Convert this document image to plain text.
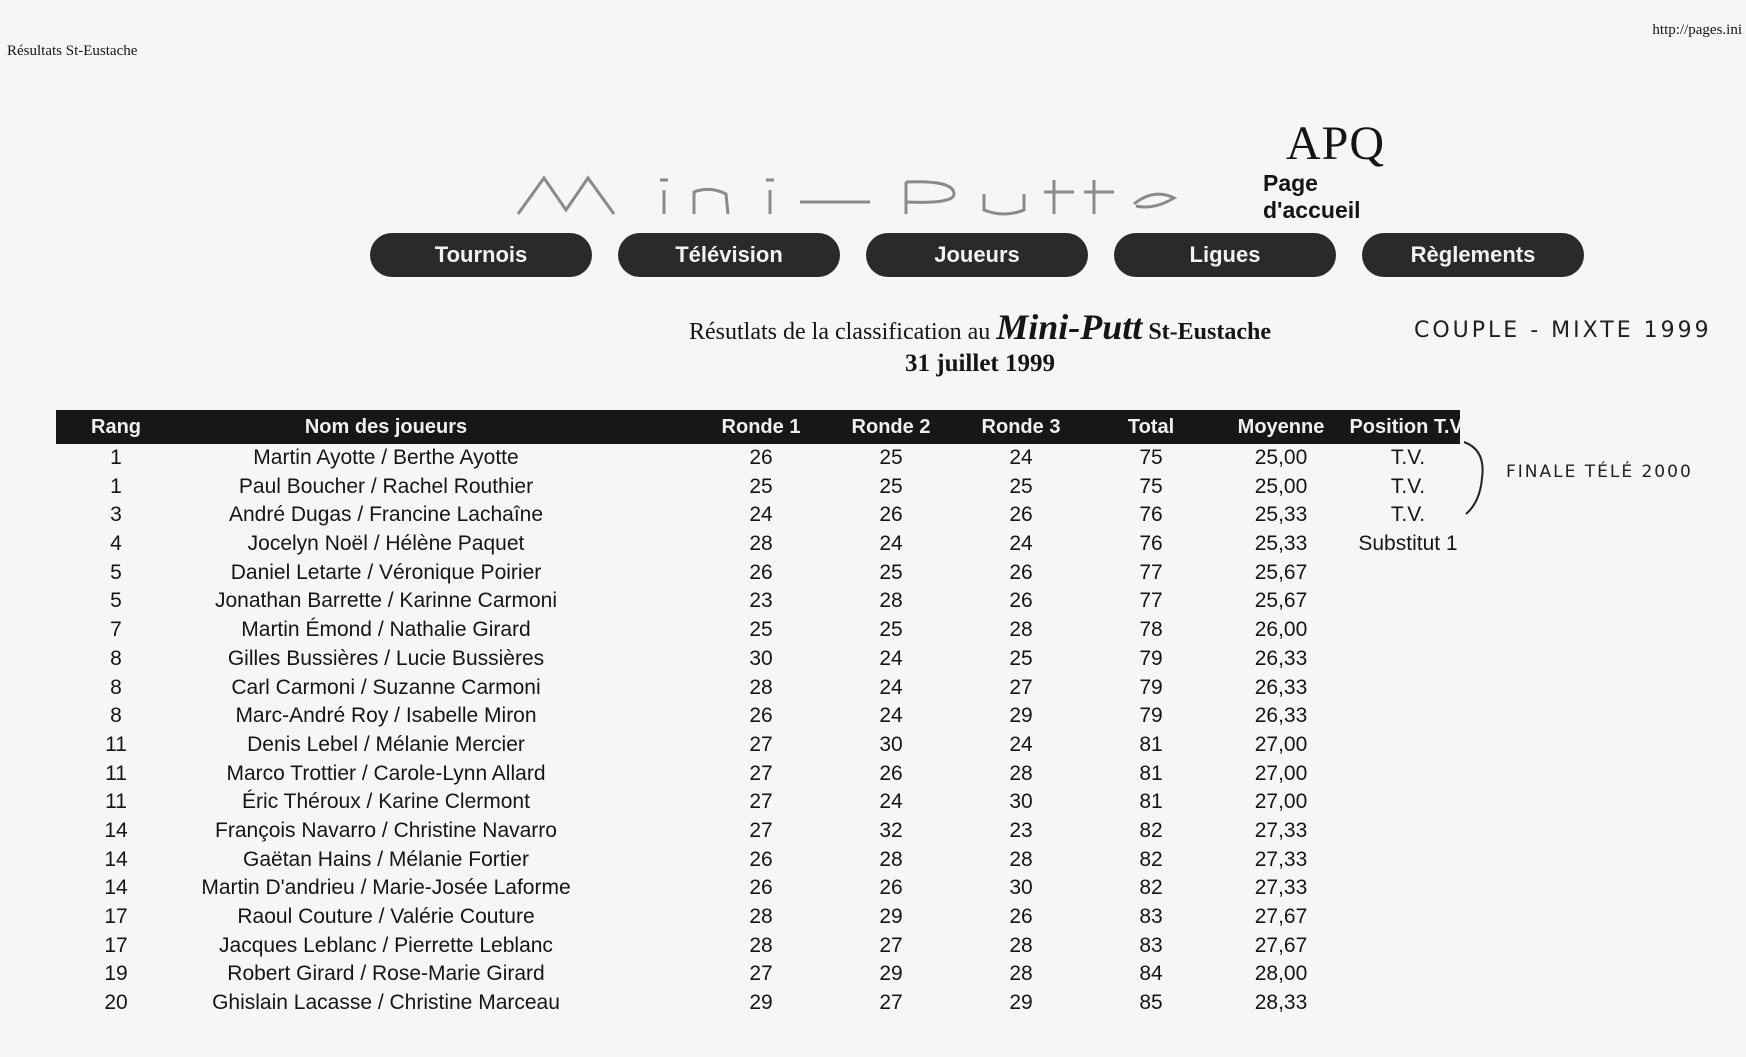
Résultats St-Eustache
http://pages.ini
APQ
Page d'accueil
Tournois	Télévision	Joueurs	Ligues	Règlements
Résutlats de la classification au Mini-Putt St-Eustache
31 juillet 1999
COUPLE - MIXTE 1999
FINALE TÉLÉ 2000
Rang	Nom des joueurs	Ronde 1	Ronde 2	Ronde 3	Total	Moyenne	Position T.V.
1	Martin Ayotte / Berthe Ayotte	26	25	24	75	25,00	T.V.
1	Paul Boucher / Rachel Routhier	25	25	25	75	25,00	T.V.
3	André Dugas / Francine Lachaîne	24	26	26	76	25,33	T.V.
4	Jocelyn Noël / Hélène Paquet	28	24	24	76	25,33	Substitut 1
5	Daniel Letarte / Véronique Poirier	26	25	26	77	25,67
5	Jonathan Barrette / Karinne Carmoni	23	28	26	77	25,67
7	Martin Émond / Nathalie Girard	25	25	28	78	26,00
8	Gilles Bussières / Lucie Bussières	30	24	25	79	26,33
8	Carl Carmoni / Suzanne Carmoni	28	24	27	79	26,33
8	Marc-André Roy / Isabelle Miron	26	24	29	79	26,33
11	Denis Lebel / Mélanie Mercier	27	30	24	81	27,00
11	Marco Trottier / Carole-Lynn Allard	27	26	28	81	27,00
11	Éric Théroux / Karine Clermont	27	24	30	81	27,00
14	François Navarro / Christine Navarro	27	32	23	82	27,33
14	Gaëtan Hains / Mélanie Fortier	26	28	28	82	27,33
14	Martin D'andrieu / Marie-Josée Laforme	26	26	30	82	27,33
17	Raoul Couture / Valérie Couture	28	29	26	83	27,67
17	Jacques Leblanc / Pierrette Leblanc	28	27	28	83	27,67
19	Robert Girard / Rose-Marie Girard	27	29	28	84	28,00
20	Ghislain Lacasse / Christine Marceau	29	27	29	85	28,33
